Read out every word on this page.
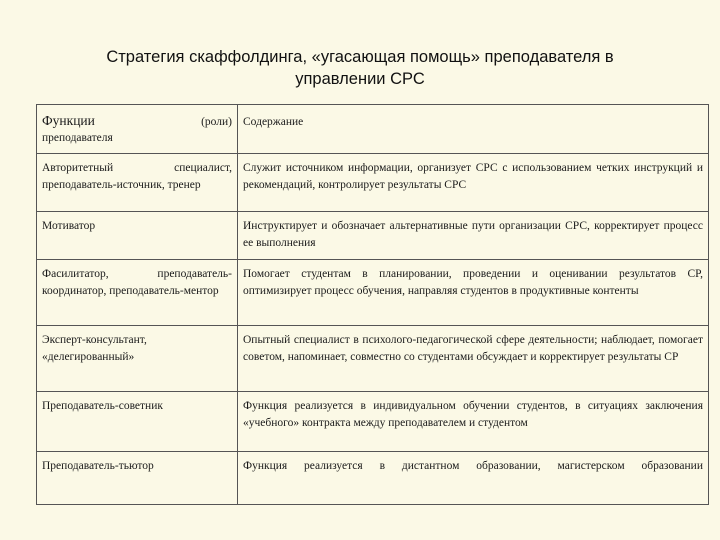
Стратегия скаффолдинга, «угасающая помощь» преподавателя в
управлении СРС
Функции (роли)
преподавателя	Содержание

Авторитетный специалист, преподаватель-источник, тренер	Служит источником информации, организует СРС с использованием четких инструкций и рекомендаций, контролирует результаты СРС
Мотиватор	Инструктирует и обозначает альтернативные пути организации СРС, корректирует процесс ее выполнения
Фасилитатор, преподаватель-координатор, преподаватель-ментор	Помогает студентам в планировании, проведении и оценивании результатов СР, оптимизирует процесс обучения, направляя студентов в продуктивные контенты
Эксперт-консультант, «делегированный»	Опытный специалист в психолого-педагогической сфере деятельности; наблюдает, помогает советом, напоминает, совместно со студентами обсуждает и корректирует результаты СР
Преподаватель-советник	Функция реализуется в индивидуальном обучении студентов, в ситуациях заключения «учебного» контракта между преподавателем и студентом
Преподаватель-тьютор	Функция реализуется в дистантном образовании, магистерском образовании
